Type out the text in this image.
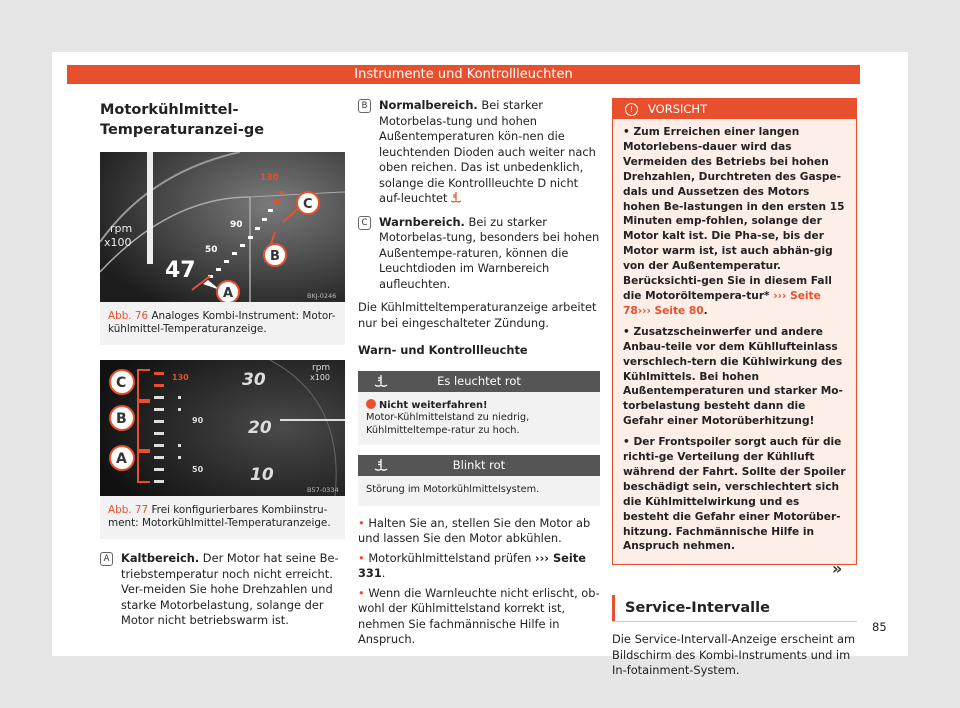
Instrumente und Kontrollleuchten
Motorkühlmittel-Temperaturanzei-ge
rpm
x100
47
130
90
50
C
B
A	BKJ-0246
Abb. 76 Analoges Kombi-Instrument: Motor-kühlmittel-Temperaturanzeige.
rpm
x100
30
20
10
130
90
50
C
B
A
B57-0334
Abb. 77 Frei konfigurierbares Kombiinstru-ment: Motorkühlmittel-Temperaturanzeige.
A	Kaltbereich. Der Motor hat seine Be-triebstemperatur noch nicht erreicht. Ver-meiden Sie hohe Drehzahlen und starke Motorbelastung, solange der Motor nicht betriebswarm ist.
B	Normalbereich. Bei starker Motorbelas-tung und hohen Außentemperaturen kön-nen die leuchtenden Dioden auch weiter nach oben reichen. Das ist unbedenklich, solange die Kontrollleuchte D nicht auf-leuchtet
C	Warnbereich. Bei zu starker Motorbelas-tung, besonders bei hohen Außentempe-raturen, können die Leuchtdioden im Warnbereich aufleuchten.

Die Kühlmitteltemperaturanzeige arbeitet nur bei eingeschalteter Zündung.

Warn- und Kontrollleuchte

Es leuchtet rot
Nicht weiterfahren!
Motor-Kühlmittelstand zu niedrig, Kühlmitteltempe-ratur zu hoch.
Blinkt rot
Störung im Motorkühlmittelsystem.

• Halten Sie an, stellen Sie den Motor ab und lassen Sie den Motor abkühlen.

• Motorkühlmittelstand prüfen ››› Seite 331.

• Wenn die Warnleuchte nicht erlischt, ob-wohl der Kühlmittelstand korrekt ist, nehmen Sie fachmännische Hilfe in Anspruch.

! VORSICHT

• Zum Erreichen einer langen Motorlebens-dauer wird das Vermeiden des Betriebs bei hohen Drehzahlen, Durchtreten des Gaspe-dals und Aussetzen des Motors hohen Be-lastungen in den ersten 15 Minuten emp-fohlen, solange der Motor kalt ist. Die Pha-se, bis der Motor warm ist, ist auch abhän-gig von der Außentemperatur. Berücksichti-gen Sie in diesem Fall die Motoröltempera-tur* ››› Seite 78››› Seite 80.

• Zusatzscheinwerfer und andere Anbau-teile vor dem Kühllufteinlass verschlech-tern die Kühlwirkung des Kühlmittels. Bei hohen Außentemperaturen und starker Mo-torbelastung besteht dann die Gefahr einer Motorüberhitzung!

• Der Frontspoiler sorgt auch für die richti-ge Verteilung der Kühlluft während der Fahrt. Sollte der Spoiler beschädigt sein, verschlechtert sich die Kühlmittelwirkung und es besteht die Gefahr einer Motorüber-hitzung. Fachmännische Hilfe in Anspruch nehmen.

Service-Intervalle

Die Service-Intervall-Anzeige erscheint am Bildschirm des Kombi-Instruments und im In-fotainment-System.

»
85
